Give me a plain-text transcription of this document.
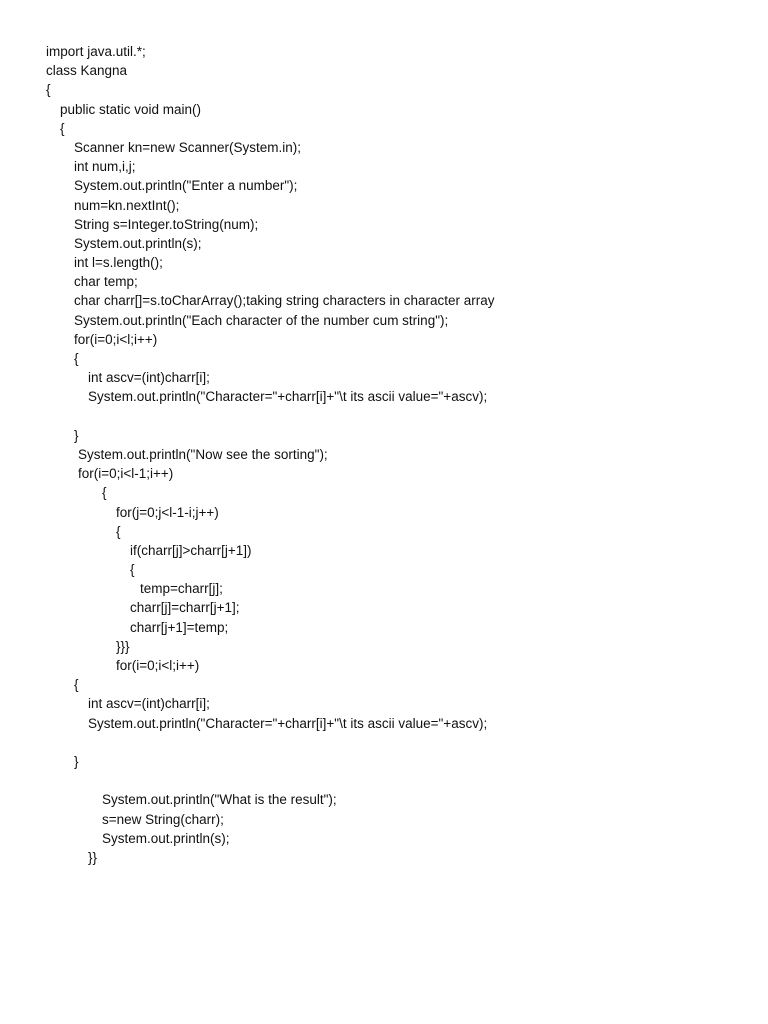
import java.util.*;
class Kangna
{
public static void main()
{
Scanner kn=new Scanner(System.in);
int num,i,j;
System.out.println("Enter a number");
num=kn.nextInt();
String s=Integer.toString(num);
System.out.println(s);
int l=s.length();
char temp;
char charr[]=s.toCharArray();taking string characters in character array
System.out.println("Each character of the number cum string");
for(i=0;i<l;i++)
{
int ascv=(int)charr[i];
System.out.println("Character="+charr[i]+"\t its ascii value="+ascv);
}
System.out.println("Now see the sorting");
for(i=0;i<l-1;i++)
{
for(j=0;j<l-1-i;j++)
{
if(charr[j]>charr[j+1])
{
temp=charr[j];
charr[j]=charr[j+1];
charr[j+1]=temp;
}}}
for(i=0;i<l;i++)
{
int ascv=(int)charr[i];
System.out.println("Character="+charr[i]+"\t its ascii value="+ascv);
}
System.out.println("What is the result");
s=new String(charr);
System.out.println(s);
}}
